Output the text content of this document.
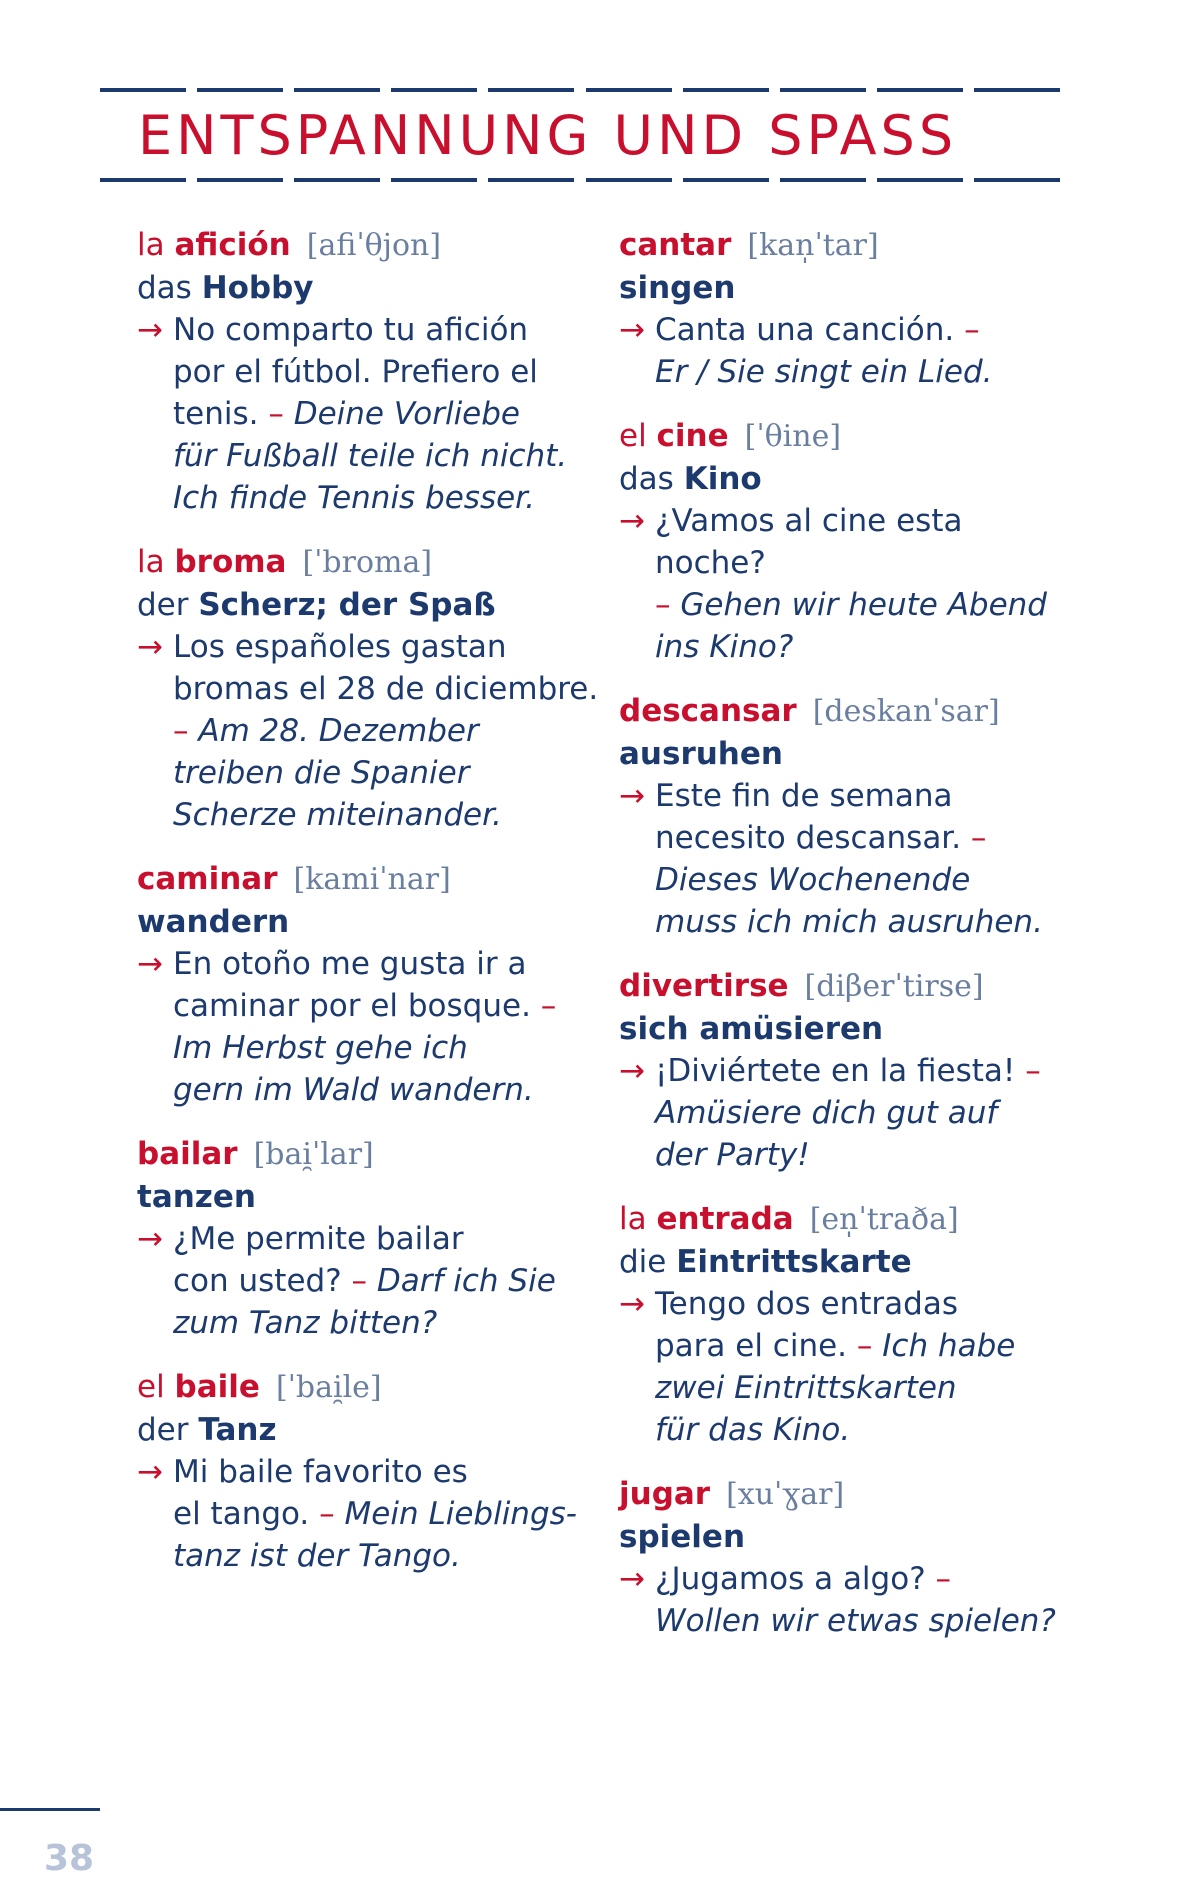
ENTSPANNUNG UND SPASS
la afición [afiˈθjon]
das Hobby
→ No comparto tu afición
por el fútbol. Prefiero el
tenis. – Deine Vorliebe
für Fußball teile ich nicht.
Ich finde Tennis besser.
la broma [ˈbroma]
der Scherz; der Spaß
→ Los españoles gastan
bromas el 28 de diciembre.
– Am 28. Dezember
treiben die Spanier
Scherze miteinander.
caminar [kamiˈnar]
wandern
→ En otoño me gusta ir a
caminar por el bosque. –
Im Herbst gehe ich
gern im Wald wandern.
bailar [bai̯ˈlar]
tanzen
→ ¿Me permite bailar
con usted? – Darf ich Sie
zum Tanz bitten?
el baile [ˈbai̯le]
der Tanz
→ Mi baile favorito es
el tango. – Mein Lieblings-
tanz ist der Tango.
cantar [kan̩ˈtar]
singen
→ Canta una canción. –
Er / Sie singt ein Lied.
el cine [ˈθine]
das Kino
→ ¿Vamos al cine esta noche?
– Gehen wir heute Abend
ins Kino?
descansar [deskanˈsar]
ausruhen
→ Este fin de semana
necesito descansar. –
Dieses Wochenende
muss ich mich ausruhen.
divertirse [diβerˈtirse]
sich amüsieren
→ ¡Diviértete en la fiesta! –
Amüsiere dich gut auf
der Party!
la entrada [en̩ˈtraða]
die Eintrittskarte
→ Tengo dos entradas
para el cine. – Ich habe
zwei Eintrittskarten
für das Kino.
jugar [xuˈɣar]
spielen
→ ¿Jugamos a algo? –
Wollen wir etwas spielen?
38
